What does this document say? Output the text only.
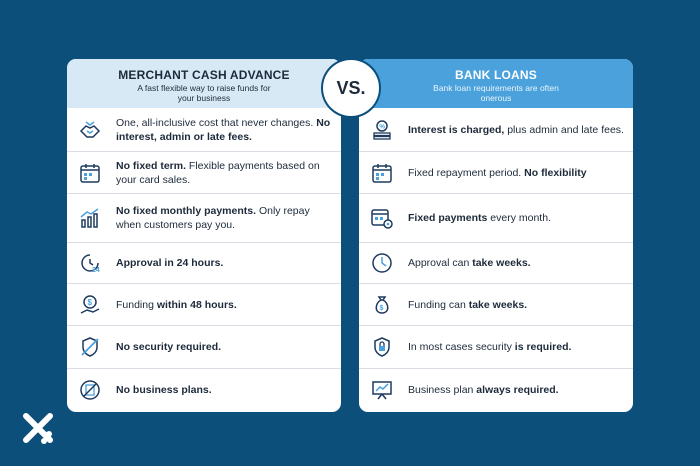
MERCHANT CASH ADVANCE
A fast flexible way to raise funds for your business
One, all-inclusive cost that never changes. No interest, admin or late fees.
No fixed term. Flexible payments based on your card sales.
No fixed monthly payments. Only repay when customers pay you.
24
Approval in 24 hours.
$ Funding within 48 hours.
No security required.
No business plans.
BANK LOANS
Bank loan requirements are often onerous
% Interest is charged, plus admin and late fees.
Fixed repayment period. No flexibility
Fixed payments every month.
Approval can take weeks.
$ Funding can take weeks.
In most cases security is required.
Business plan always required.
VS.
